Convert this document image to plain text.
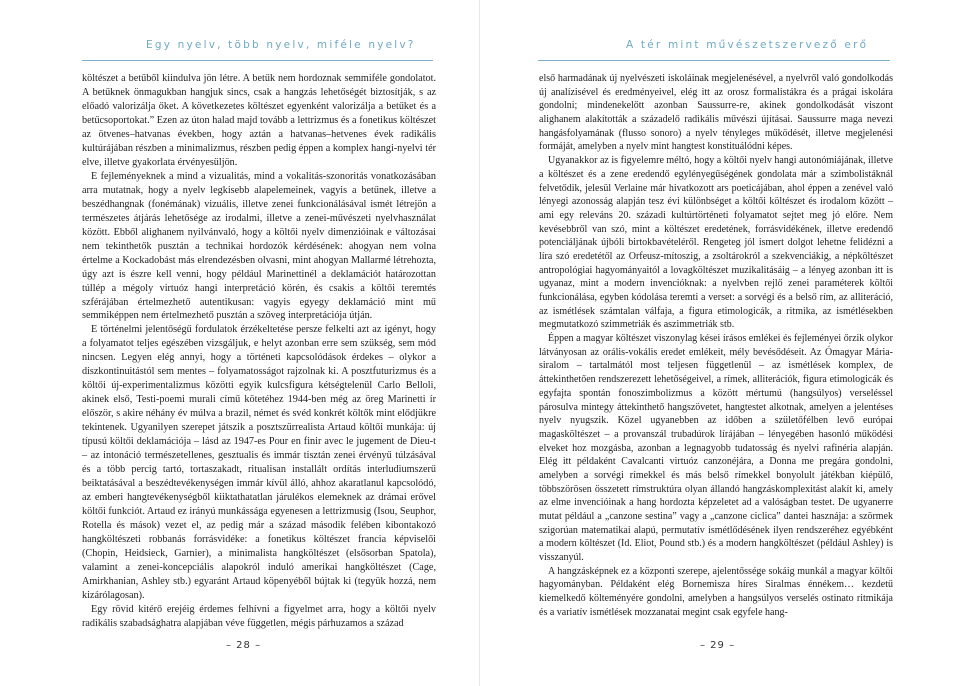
Egy nyelv, több nyelv, miféle nyelv?

költészet a betűből kiindulva jön létre. A betűk nem hordoznak semmiféle gondolatot. A betűknek önmagukban hangjuk sincs, csak a hangzás lehetőségét biztosítják, s az előadó valorizálja őket. A következetes költészet egyenként valorizálja a betűket és a betűcsoportokat.” Ezen az úton halad majd tovább a lettrizmus és a fonetikus költészet az ötvenes–hatvanas években, hogy aztán a hatvanas–hetvenes évek radikális kultúrájában részben a minimalizmus, részben pedig éppen a komplex hangi-nyelvi tér elve, illetve gyakorlata érvényesüljön.

E fejleményeknek a mind a vizualitás, mind a vokalitás-szonoritás vonatkozásában arra mutatnak, hogy a nyelv legkisebb alapelemeinek, vagyis a betűnek, illetve a beszédhangnak (fonémának) vizuális, illetve zenei funkcionálásával ismét létrejön a természetes átjárás lehetősége az irodalmi, illetve a zenei-művészeti nyelvhasználat között. Ebből alighanem nyilvánvaló, hogy a költői nyelv dimenzióinak e változásai nem tekinthetők pusztán a technikai hordozók kérdésének: ahogyan nem volna értelme a Kockadobást más elrendezésben olvasni, mint ahogyan Mallarmé létrehozta, úgy azt is észre kell venni, hogy például Marinettinél a deklamációt határozottan túllép a mégoly virtuóz hangi interpretáció körén, és csakis a költői teremtés szférájában értelmezhető autentikusan: vagyis egyegy deklamáció mint mű semmiképpen nem értelmezhető pusztán a szöveg interpretációja útján.

E történelmi jelentőségű fordulatok érzékeltetése persze felkelti azt az igényt, hogy a folyamatot teljes egészében vizsgáljuk, e helyt azonban erre sem szükség, sem mód nincsen. Legyen elég annyi, hogy a történeti kapcsolódások érdekes – olykor a diszkontinuitástól sem mentes – folyamatosságot rajzolnak ki. A posztfuturizmus és a költői új-experimentalizmus közötti egyik kulcsfigura kétségtelenül Carlo Belloli, akinek első, Testi-poemi murali című kötetéhez 1944-ben még az öreg Marinetti ír először, s akire néhány év múlva a brazil, német és svéd konkrét költők mint elődjükre tekintenek. Ugyanilyen szerepet játszik a posztszürrealista Artaud költői munkája: új típusú költői deklamációja – lásd az 1947-es Pour en finir avec le jugement de Dieu-t – az intonáció természetellenes, gesztualis és immár tisztán zenei érvényű túlzásával és a több percig tartó, tortaszakadt, ritualisan installált ordítás interludiumszerű beiktatásával a beszédtevékenységen immár kívül álló, ahhoz akaratlanul kapcsolódó, az emberi hangtevékenységből kiiktathatatlan járulékos elemeknek az drámai erővel költői funkciót. Artaud ez irányú munkássága egyenesen a lettrizmusig (Isou, Seuphor, Rotella és mások) vezet el, az pedig már a század második felében kibontakozó hangköltészeti robbanás forrásvidéke: a fonetikus költészet francia képviselői (Chopin, Heidsieck, Garnier), a minimalista hangköltészet (elsősorban Spatola), valamint a zenei-koncepciális alapokról induló amerikai hangköltészet (Cage, Amirkhanian, Ashley stb.) egyaránt Artaud köpenyéből bújtak ki (tegyük hozzá, nem kizárólagosan).

Egy rövid kitérő erejéig érdemes felhívni a figyelmet arra, hogy a költői nyelv radikális szabadsághatra alapjában véve független, mégis párhuzamos a század

– 28 –
A tér mint művészetszervező erő

első harmadának új nyelvészeti iskoláinak megjelenésével, a nyelvről való gondolkodás új analízisével és eredményeivel, elég itt az orosz formalistákra és a prágai iskolára gondolni; mindenekelőtt azonban Saussurre-re, akinek gondolkodását viszont alighanem alakították a századelő radikális művészi újításai. Saussurre maga nevezi hangásfolyamának (flusso sonoro) a nyelv tényleges működését, illetve megjelenési formáját, amelyben a nyelv mint hangtest konstituálódni képes.

Ugyanakkor az is figyelemre méltó, hogy a költői nyelv hangi autonómiájának, illetve a költészet és a zene eredendő egylényegűségének gondolata már a szimbolistáknál felvetődik, jelesül Verlaine már hivatkozott ars poeticájában, ahol éppen a zenével való lényegi azonosság alapján tesz évi különbséget a költői költészet és irodalom között – ami egy releváns 20. századi kultúrtörténeti folyamatot sejtet meg jó előre. Nem kevésebbről van szó, mint a költészet eredetének, forrásvidékének, illetve eredendő potenciáljának újbóli birtokbavételéről. Rengeteg jól ismert dolgot lehetne felidézni a líra szó eredetétől az Orfeusz-mítoszig, a zsoltárokról a szekvenciákig, a népköltészet antropológiai hagyományaitól a lovagköltészet muzikalitásáig – a lényeg azonban itt is ugyanaz, mint a modern invencióknak: a nyelvben rejlő zenei paraméterek költői funkcionálása, egyben kódolása teremti a verset: a sorvégi és a belső rím, az alliteráció, az ismétlések számtalan válfaja, a figura etimologicák, a ritmika, az ismétlésekben megmutatkozó szimmetriák és aszimmetriák stb.

Éppen a magyar költészet viszonylag kései írásos emlékei és fejleményei őrzik olykor látványosan az orális-vokális eredet emlékeit, mély bevésődéseit. Az Ómagyar Mária-siralom – tartalmától most teljesen függetlenül – az ismétlések komplex, de áttekinthetően rendszerezett lehetőségeivel, a rímek, alliterációk, figura etimologicák és egyfajta spontán fonoszimbolizmus a között mértumú (hangsúlyos) verseléssel párosulva mintegy áttekinthető hangszövetet, hangtestet alkotnak, amelyen a jelentéses nyelv nyugszik. Közel ugyanebben az időben a születőfélben levő európai magasköltészet – a provanszál trubadúrok lírájában – lényegében hasonló működési elveket hoz mozgásba, azonban a legnagyobb tudatosság és nyelvi rafinéria alapján. Elég itt példaként Cavalcanti virtuóz canzonéjára, a Donna me pregára gondolni, amelyben a sorvégi rímekkel és más belső rímekkel bonyolult játékban kiépülő, többszörösen összetett rímstruktúra olyan állandó hangzáskomplexitást alakít ki, amely az elme invencióinak a hang hordozta képzeletet ad a valóságban testet. De ugyanerre mutat például a „canzone sestina” vagy a „canzone ciclica” dantei hasznája: a szörmek szigorúan matematikai alapú, permutatív ismétlődésének ilyen rendszeréhez egyébként a modern költészet (Id. Eliot, Pound stb.) és a modern hangköltészet (például Ashley) is visszanyúl.

A hangzásképnek ez a központi szerepe, ajelentőssége sokáig munkál a magyar költői hagyományban. Példaként elég Bornemisza híres Siralmas énnékem… kezdetű kiemelkedő költeményére gondolni, amelyben a hangsúlyos verselés ostinato ritmikája és a variatív ismétlések mozzanatai megint csak egyfele hang-

– 29 –
